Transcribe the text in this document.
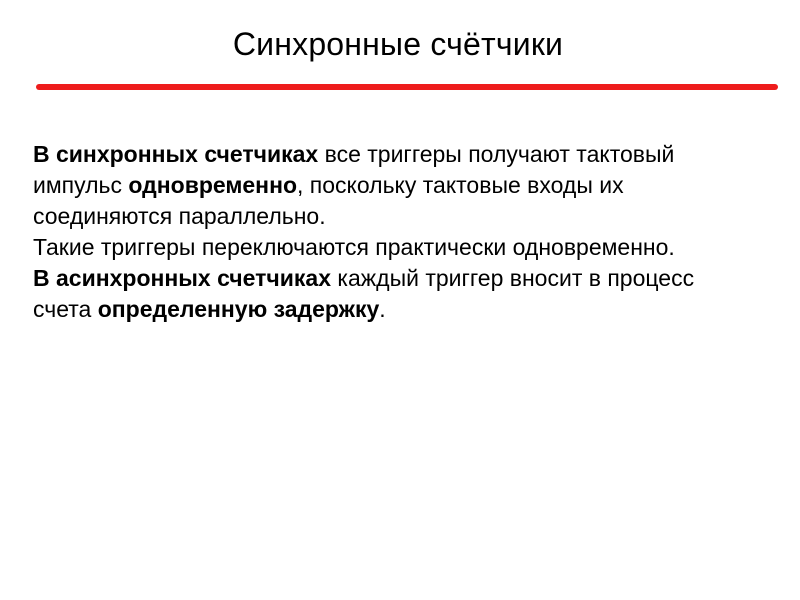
Синхронные счётчики

В синхронных счетчиках все триггеры получают тактовый импульс одновременно, поскольку тактовые входы их соединяются параллельно.

Такие триггеры переключаются практически одновременно.

В асинхронных счетчиках каждый триггер вносит в процесс счета определенную задержку.
